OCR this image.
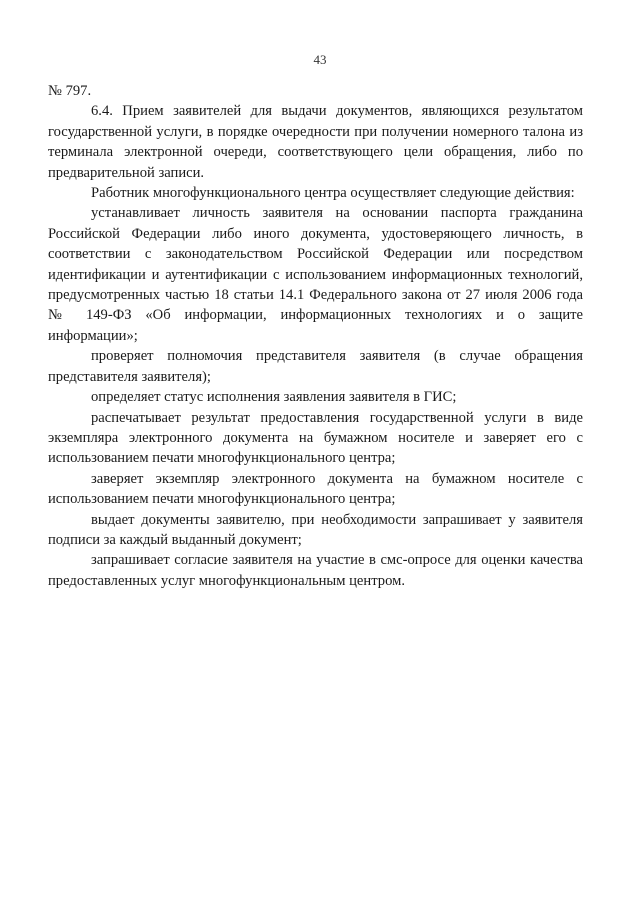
43

№ 797.

6.4. Прием заявителей для выдачи документов, являющихся результатом государственной услуги, в порядке очередности при получении номерного талона из терминала электронной очереди, соответствующего цели обращения, либо по предварительной записи.

Работник многофункционального центра осуществляет следующие действия:

устанавливает личность заявителя на основании паспорта гражданина Российской Федерации либо иного документа, удостоверяющего личность, в соответствии с законодательством Российской Федерации или посредством идентификации и аутентификации с использованием информационных технологий, предусмотренных частью 18 статьи 14.1 Федерального закона от 27 июля 2006 года № 149-ФЗ «Об информации, информационных технологиях и о защите информации»;

проверяет полномочия представителя заявителя (в случае обращения представителя заявителя);

определяет статус исполнения заявления заявителя в ГИС;

распечатывает результат предоставления государственной услуги в виде экземпляра электронного документа на бумажном носителе и заверяет его с использованием печати многофункционального центра;

заверяет экземпляр электронного документа на бумажном носителе с использованием печати многофункционального центра;

выдает документы заявителю, при необходимости запрашивает у заявителя подписи за каждый выданный документ;

запрашивает согласие заявителя на участие в смс-опросе для оценки качества предоставленных услуг многофункциональным центром.
